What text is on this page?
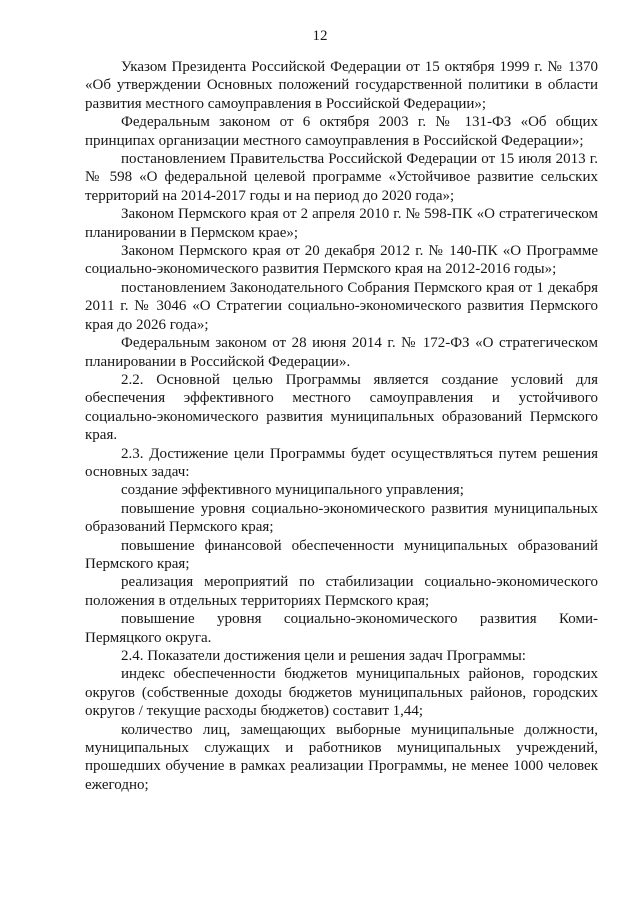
12

Указом Президента Российской Федерации от 15 октября 1999 г. № 1370 «Об утверждении Основных положений государственной политики в области развития местного самоуправления в Российской Федерации»;

Федеральным законом от 6 октября 2003 г. № 131-ФЗ «Об общих принципах организации местного самоуправления в Российской Федерации»;

постановлением Правительства Российской Федерации от 15 июля 2013 г. № 598 «О федеральной целевой программе «Устойчивое развитие сельских территорий на 2014-2017 годы и на период до 2020 года»;

Законом Пермского края от 2 апреля 2010 г. № 598-ПК «О стратегическом планировании в Пермском крае»;

Законом Пермского края от 20 декабря 2012 г. № 140-ПК «О Программе социально-экономического развития Пермского края на 2012-2016 годы»;

постановлением Законодательного Собрания Пермского края от 1 декабря 2011 г. № 3046 «О Стратегии социально-экономического развития Пермского края до 2026 года»;

Федеральным законом от 28 июня 2014 г. № 172-ФЗ «О стратегическом планировании в Российской Федерации».

2.2. Основной целью Программы является создание условий для обеспечения эффективного местного самоуправления и устойчивого социально-экономического развития муниципальных образований Пермского края.

2.3. Достижение цели Программы будет осуществляться путем решения основных задач:

создание эффективного муниципального управления;

повышение уровня социально-экономического развития муниципальных образований Пермского края;

повышение финансовой обеспеченности муниципальных образований Пермского края;

реализация мероприятий по стабилизации социально-экономического положения в отдельных территориях Пермского края;

повышение уровня социально-экономического развития Коми-Пермяцкого округа.

2.4. Показатели достижения цели и решения задач Программы:

индекс обеспеченности бюджетов муниципальных районов, городских округов (собственные доходы бюджетов муниципальных районов, городских округов / текущие расходы бюджетов) составит 1,44;

количество лиц, замещающих выборные муниципальные должности, муниципальных служащих и работников муниципальных учреждений, прошедших обучение в рамках реализации Программы, не менее 1000 человек ежегодно;
